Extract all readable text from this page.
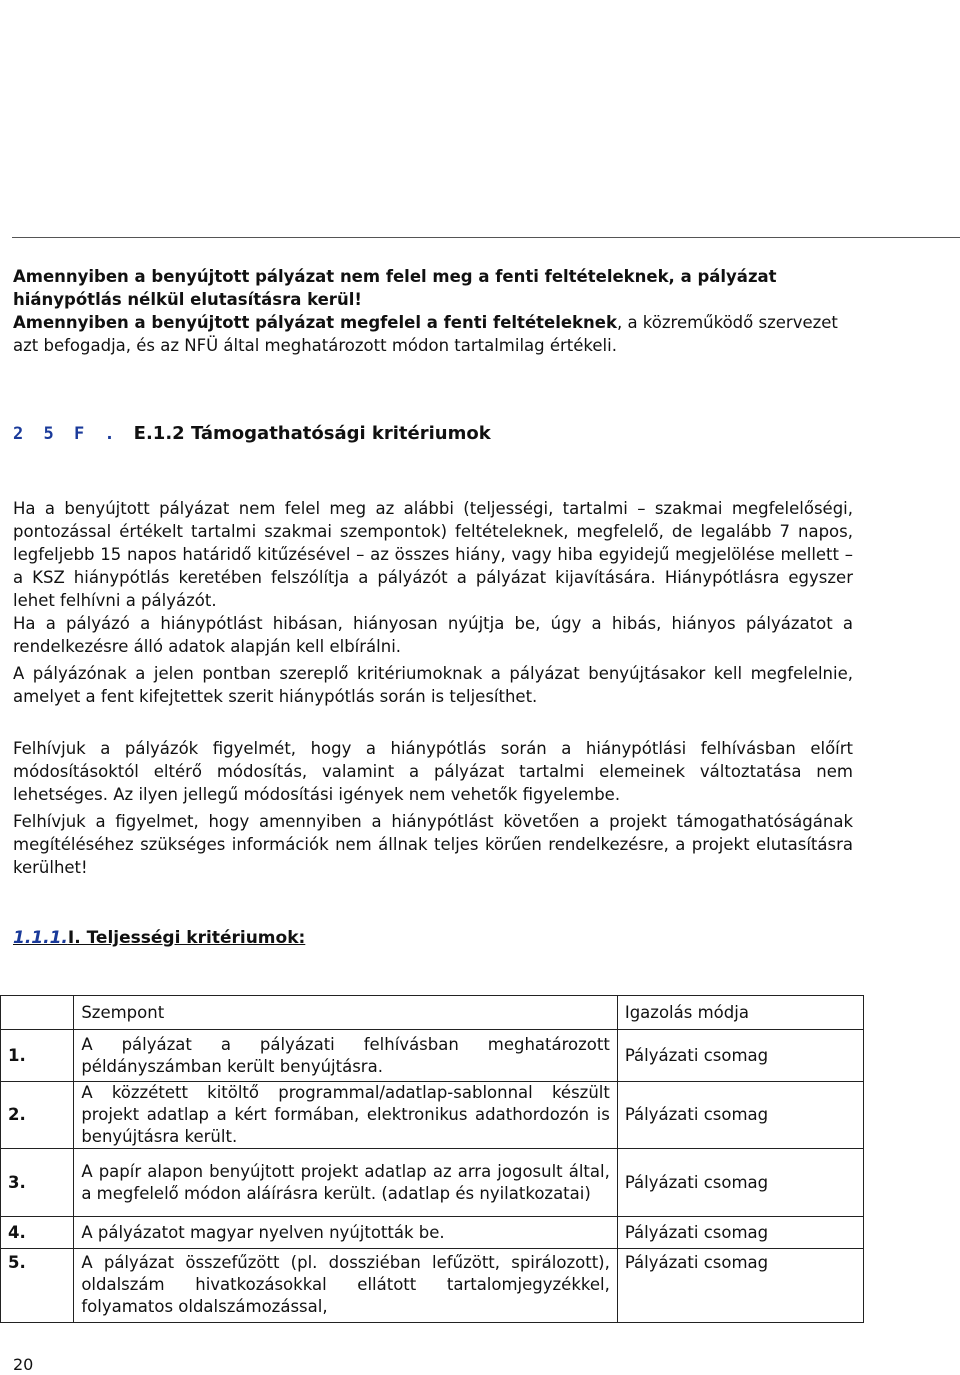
Amennyiben a benyújtott pályázat nem felel meg a fenti feltételeknek, a pályázat hiánypótlás nélkül elutasításra kerül!

Amennyiben a benyújtott pályázat megfelel a fenti feltételeknek, a közreműködő szervezet azt befogadja, és az NFÜ által meghatározott módon tartalmilag értékeli.

2 5 F . E.1.2 Támogathatósági kritériumok

Ha a benyújtott pályázat nem felel meg az alábbi (teljességi, tartalmi – szakmai megfelelőségi, pontozással értékelt tartalmi szakmai szempontok) feltételeknek, megfelelő, de legalább 7 napos, legfeljebb 15 napos határidő kitűzésével – az összes hiány, vagy hiba egyidejű megjelölése mellett – a KSZ hiánypótlás keretében felszólítja a pályázót a pályázat kijavítására. Hiánypótlásra egyszer lehet felhívni a pályázót.

Ha a pályázó a hiánypótlást hibásan, hiányosan nyújtja be, úgy a hibás, hiányos pályázatot a rendelkezésre álló adatok alapján kell elbírálni.

A pályázónak a jelen pontban szereplő kritériumoknak a pályázat benyújtásakor kell megfelelnie, amelyet a fent kifejtettek szerit hiánypótlás során is teljesíthet.

Felhívjuk a pályázók figyelmét, hogy a hiánypótlás során a hiánypótlási felhívásban előírt módosításoktól eltérő módosítás, valamint a pályázat tartalmi elemeinek változtatása nem lehetséges. Az ilyen jellegű módosítási igények nem vehetők figyelembe.

Felhívjuk a figyelmet, hogy amennyiben a hiánypótlást követően a projekt támogathatóságának megítéléséhez szükséges információk nem állnak teljes körűen rendelkezésre, a projekt elutasításra kerülhet!

1.1.1.I. Teljességi kritériumok:
	Szempont	Igazolás módja
1.	A pályázat a pályázati felhívásban meghatározott példányszámban került benyújtásra.	Pályázati csomag
2.	A közzétett kitöltő programmal/adatlap-sablonnal készült projekt adatlap a kért formában, elektronikus adathordozón is benyújtásra került.	Pályázati csomag
3.	A papír alapon benyújtott projekt adatlap az arra jogosult által, a megfelelő módon aláírásra került. (adatlap és nyilatkozatai)	Pályázati csomag
4.	A pályázatot magyar nyelven nyújtották be.	Pályázati csomag
5.	A pályázat összefűzött (pl. dossziéban lefűzött, spirálozott), oldalszám hivatkozásokkal ellátott tartalomjegyzékkel, folyamatos oldalszámozással,	Pályázati csomag
20
